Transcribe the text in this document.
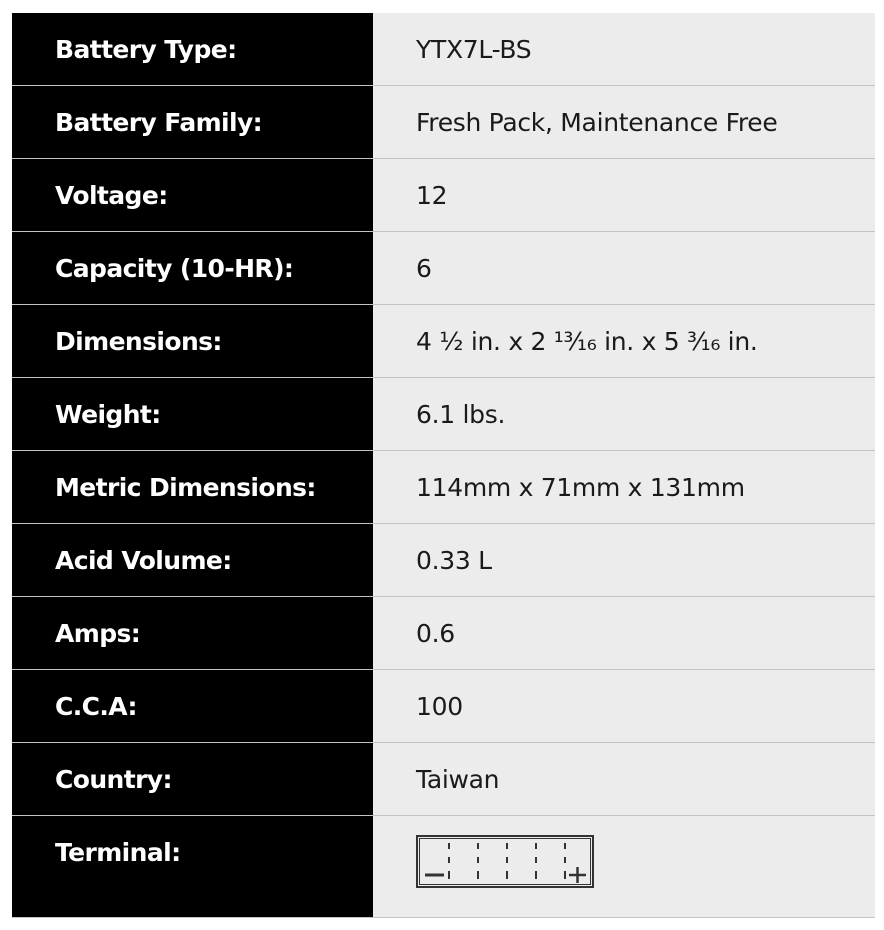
Battery Type:	YTX7L-BS
Battery Family:	Fresh Pack, Maintenance Free
Voltage:	12
Capacity (10-HR):	6
Dimensions:	4 ½ in. x 2 ¹³⁄₁₆ in. x 5 ³⁄₁₆ in.
Weight:	6.1 lbs.
Metric Dimensions:	114mm x 71mm x 131mm
Acid Volume:	0.33 L
Amps:	0.6
C.C.A:	100
Country:	Taiwan
Terminal:
